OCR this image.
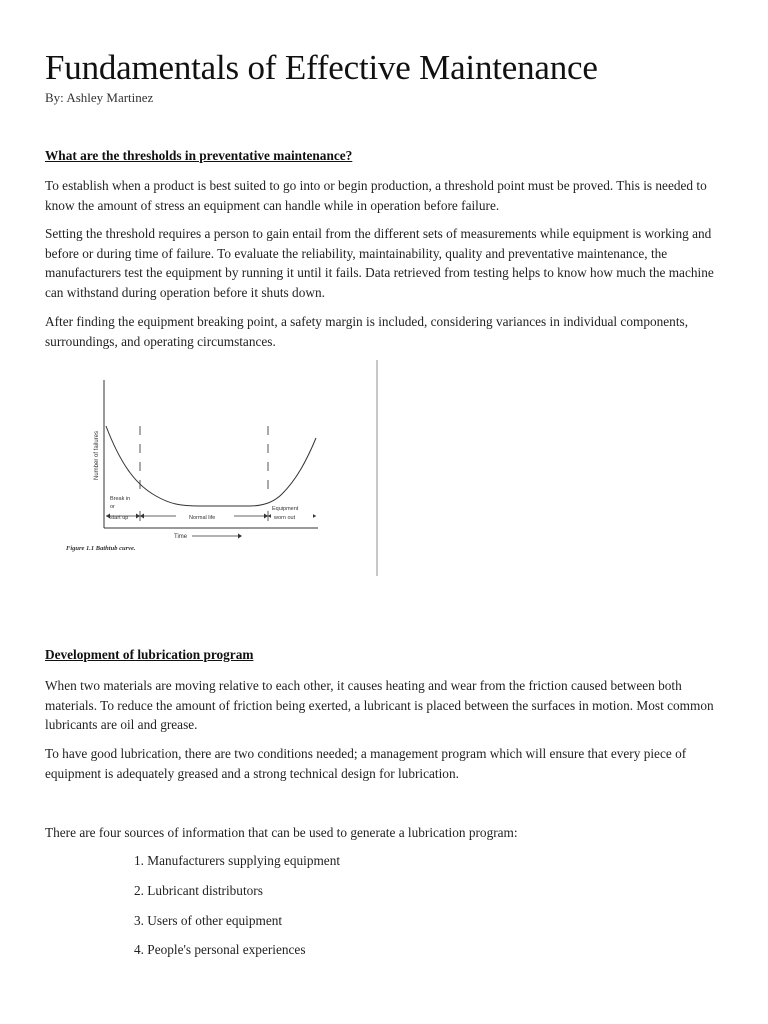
Fundamentals of Effective Maintenance
By: Ashley Martinez
What are the thresholds in preventative maintenance?

To establish when a product is best suited to go into or begin production, a threshold point must be proved. This is needed to know the amount of stress an equipment can handle while in operation before failure.

Setting the threshold requires a person to gain entail from the different sets of measurements while equipment is working and before or during time of failure. To evaluate the reliability, maintainability, quality and preventative maintenance, the manufacturers test the equipment by running it until it fails. Data retrieved from testing helps to know how much the machine can withstand during operation before it shuts down.

After finding the equipment breaking point, a safety margin is included, considering variances in individual components, surroundings, and operating circumstances.

Number of failures
Break in
or
start up	Normal life
Equipment
worn out
Time
Figure 1.1 Bathtub curve.
Development of lubrication program

When two materials are moving relative to each other, it causes heating and wear from the friction caused between both materials. To reduce the amount of friction being exerted, a lubricant is placed between the surfaces in motion. Most common lubricants are oil and grease.

To have good lubrication, there are two conditions needed; a management program which will ensure that every piece of equipment is adequately greased and a strong technical design for lubrication.

There are four sources of information that can be used to generate a lubrication program:

1. Manufacturers supplying equipment
2. Lubricant distributors
3. Users of other equipment
4. People's personal experiences
